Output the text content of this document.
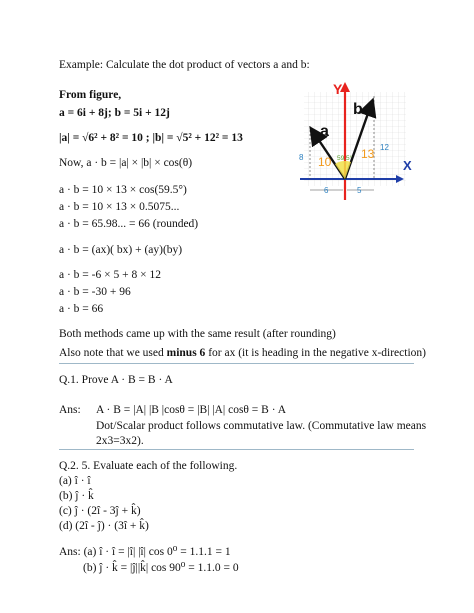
Example: Calculate the dot product of vectors a and b:
From figure,
a = 6i + 8j; b = 5i + 12j
|a| = √6² + 8² = 10 ; |b| = √5² + 12² = 13
Now, a · b = |a| × |b| × cos(θ)
a · b = 10 × 13 × cos(59.5°)
a · b = 10 × 13 × 0.5075...
a · b = 65.98... = 66 (rounded)
a · b = (ax)( bx) + (ay)(by)
a · b = -6 × 5 + 8 × 12
a · b = -30 + 96
a · b = 66
Both methods came up with the same result (after rounding)
Also note that we used minus 6 for ax (it is heading in the negative x-direction)
Q.1. Prove A · B = B · A
Ans: A · B = |A| |B |cosθ = |B| |A| cosθ = B · A
Dot/Scalar product follows commutative law. (Commutative law means
2x3=3x2).
Q.2. 5. Evaluate each of the following.
(a) î · î
(b) ĵ · k̂
(c) ĵ · (2î - 3ĵ + k̂)
(d) (2î - ĵ) · (3î + k̂)
Ans: (a) î · î = |î| |î| cos 0⁰ = 1.1.1 = 1
(b) ĵ · k̂ = |ĵ||k̂| cos 90⁰ = 1.1.0 = 0
Y
X
a
b
59.5°
10
13
8
12
6	5
